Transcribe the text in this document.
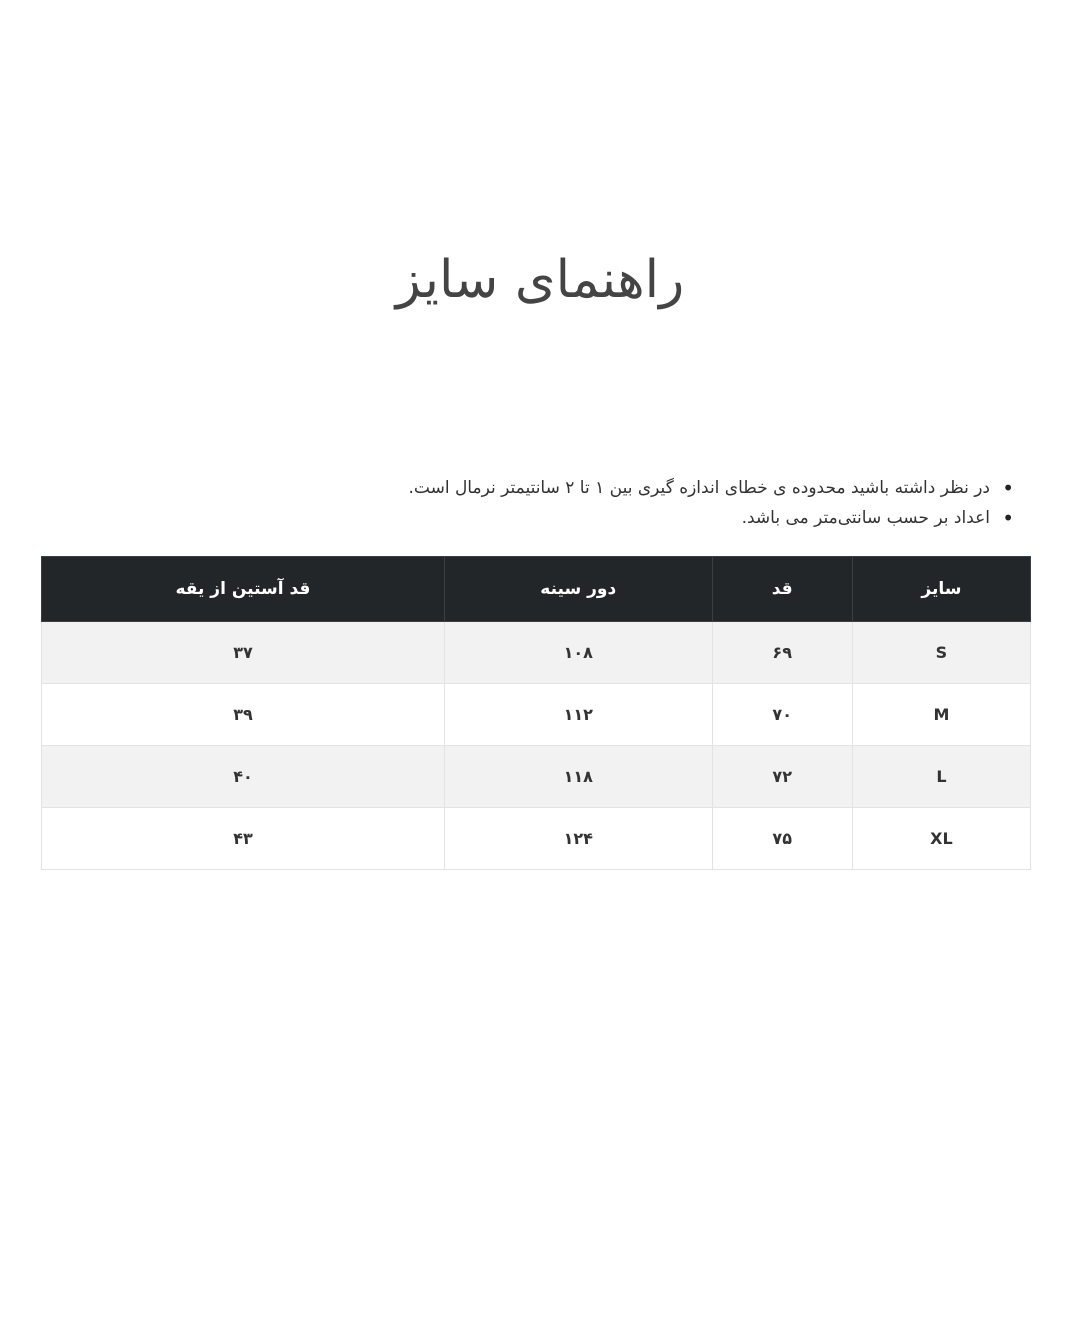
راهنمای سایز
•
در نظر داشته باشید محدوده ی خطای اندازه گیری بین ۱ تا ۲ سانتیمتر نرمال است.
•
اعداد بر حسب سانتی‌متر می باشد.
سایز	قد	دور سینه	قد آستین از یقه
S	۶۹	۱۰۸	۳۷
M	۷۰	۱۱۲	۳۹
L	۷۲	۱۱۸	۴۰
XL	۷۵	۱۲۴	۴۳
